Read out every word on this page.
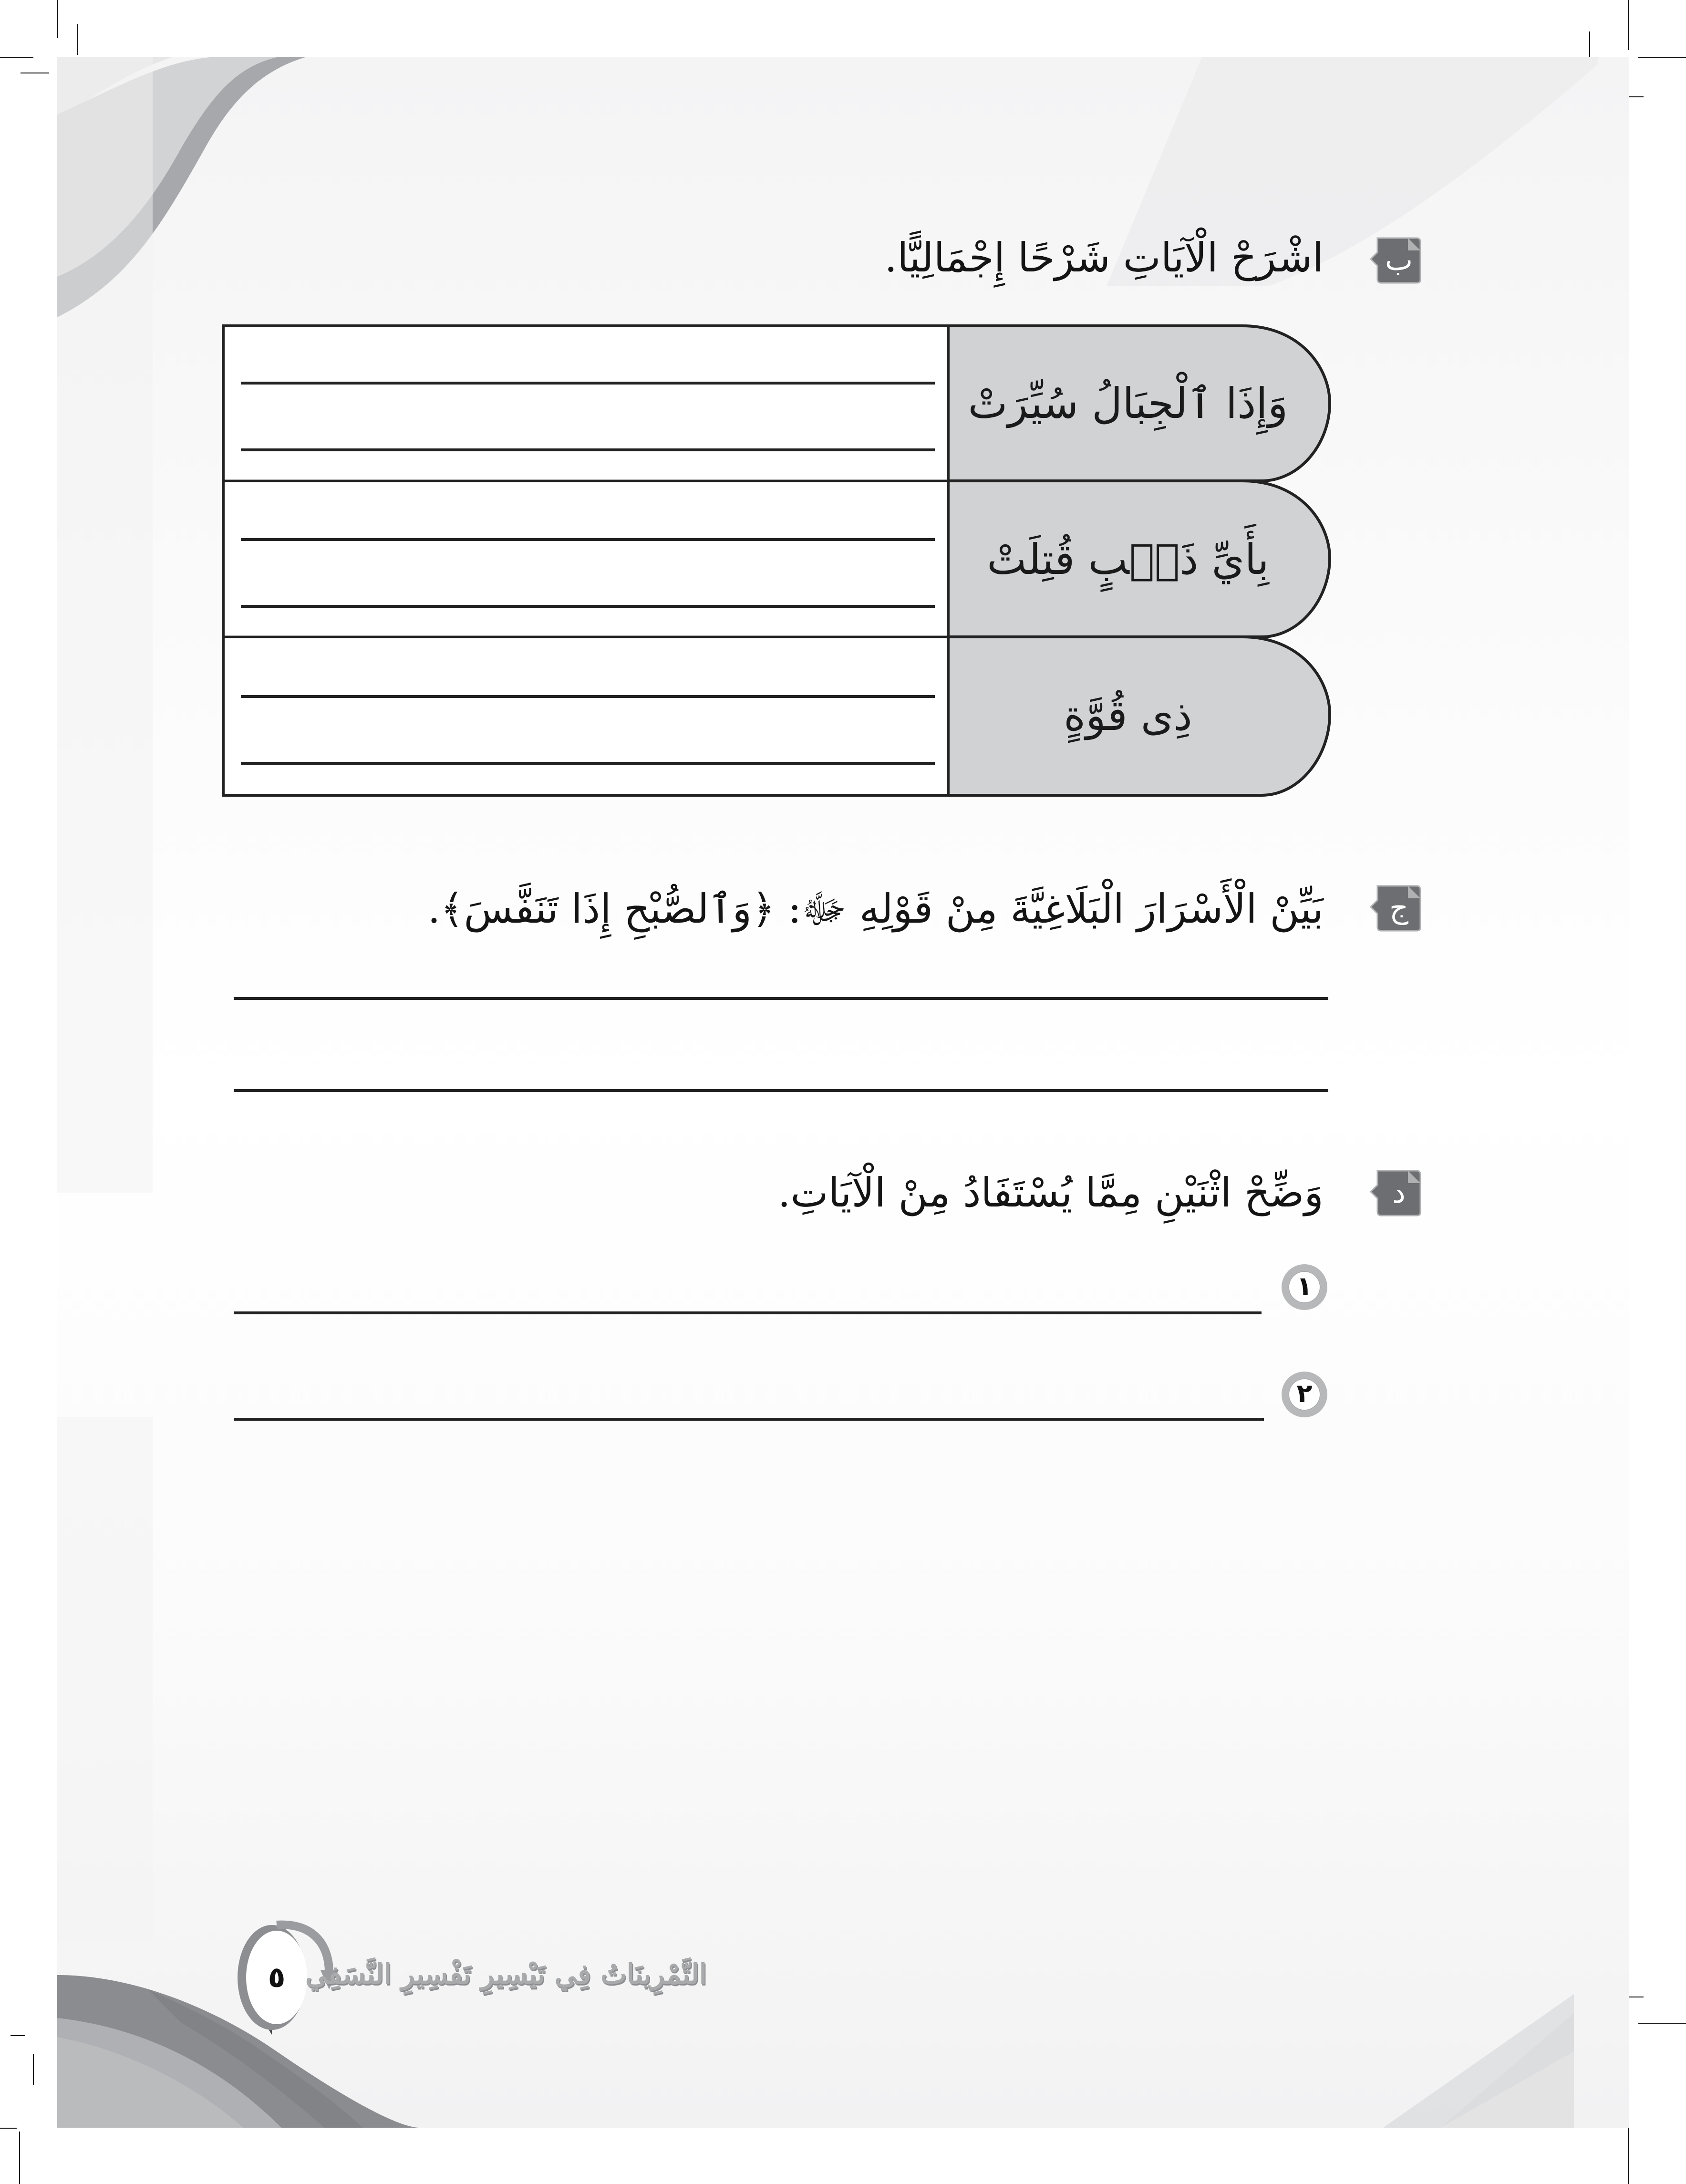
ب
اشْرَحْ الْآيَاتِ شَرْحًا إِجْمَالِيًّا.
وَإِذَا ٱلْجِبَالُ سُيِّرَتْ
بِأَيِّ ذَنۢبٍ قُتِلَتْ
ذِى قُوَّةٍ
ج
بَيِّنْ الْأَسْرَارَ الْبَلَاغِيَّةَ مِنْ قَوْلِهِ ﷻ: ﴿وَٱلصُّبْحِ إِذَا تَنَفَّسَ﴾.
د
وَضِّحْ اثْنَيْنِ مِمَّا يُسْتَفَادُ مِنْ الْآيَاتِ.
١
٢
٥ التَّمْرِينَاتُ فِي تَيْسِيرِ تَفْسِيرِ النَّسَفِي
